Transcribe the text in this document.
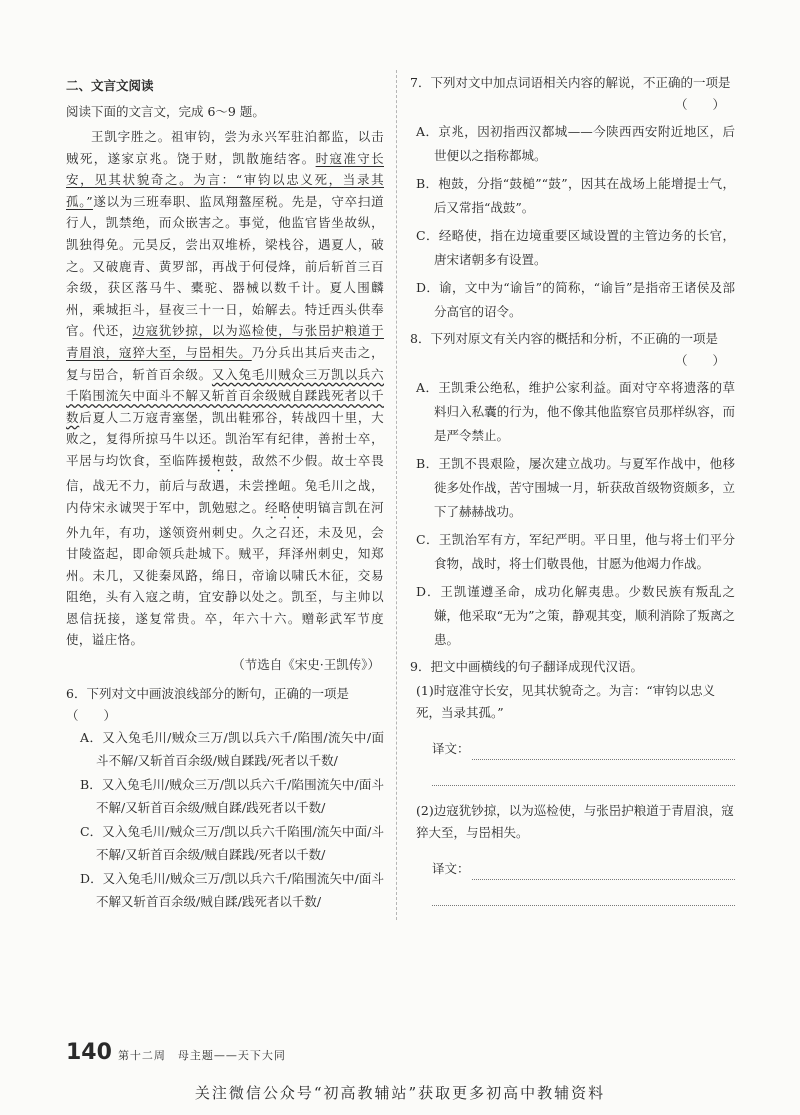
二、文言文阅读
阅读下面的文言文，完成 6～9 题。

王凯字胜之。祖审钧，尝为永兴军驻泊都监，以击贼死，遂家京兆。饶于财，凯散施结客。时寇准守长安，见其状貌奇之。为言：“审钧以忠义死，当录其孤。”遂以为三班奉职、监凤翔盩厔税。先是，守卒扫道行人，凯禁绝，而众嵌害之。事觉，他监官皆坐故纵，凯独得免。元昊反，尝出双堆桥，梁栈谷，遇夏人，破之。又破鹿青、黄罗部，再战于何侵烽，前后斩首三百余级，获区落马牛、橐驼、器械以数千计。夏人围麟州，乘城拒斗，昼夜三十一日，始解去。特迁西头供奉官。代还，边寇犹钞掠，以为巡检使，与张岊护粮道于青眉浪，寇猝大至，与岊相失。乃分兵出其后夹击之，复与岊合，斩首百余级。又入兔毛川贼众三万凯以兵六千陷围流矢中面斗不解又斩首百余级贼自蹂践死者以千数后夏人二万寇青塞堡，凯出鞋邪谷，转战四十里，大败之，复得所掠马牛以还。凯治军有纪律，善拊士卒，平居与均饮食，至临阵援枹鼓，敌然不少假。故士卒畏信，战无不力，前后与敌遇，未尝挫衄。兔毛川之战，内侍宋永诚哭于军中，凯勉慰之。经略使明镐言凯在河外九年，有功，遂领资州刺史。久之召还，未及见，会甘陵盗起，即命领兵赴城下。贼平，拜泽州刺史，知郑州。未几，又徙秦凤路，绵日，帝谕以啸氏木征，交易阻绝，头有入寇之萌，宜安静以处之。凯至，与主帅以恩信抚接，遂复常贵。卒，年六十六。赠彰武军节度使，谥庄恪。

（节选自《宋史·王凯传》）

6．下列对文中画波浪线部分的断句，正确的一项是（　　）

A．又入兔毛川/贼众三万/凯以兵六千/陷围/流矢中/面斗不解/又斩首百余级/贼自蹂践/死者以千数/

B．又入兔毛川/贼众三万/凯以兵六千/陷围流矢中/面斗不解/又斩首百余级/贼自蹂/践死者以千数/

C．又入兔毛川/贼众三万/凯以兵六千陷围/流矢中面/斗不解/又斩首百余级/贼自蹂践/死者以千数/

D．又入兔毛川/贼众三万/凯以兵六千/陷围流矢中/面斗不解又斩首百余级/贼自蹂/践死者以千数/

7．下列对文中加点词语相关内容的解说，不正确的一项是

（　　）

A．京兆，因初指西汉都城——今陕西西安附近地区，后世便以之指称都城。

B．枹鼓，分指“鼓槌”“鼓”，因其在战场上能增提士气，后又常指“战鼓”。

C．经略使，指在边境重要区域设置的主管边务的长官，唐宋诸朝多有设置。

D．谕，文中为“谕旨”的简称，“谕旨”是指帝王诸侯及部分高官的诏令。

8．下列对原文有关内容的概括和分析，不正确的一项是

（　　）

A．王凯秉公绝私，维护公家利益。面对守卒将遗落的草料归入私囊的行为，他不像其他监察官员那样纵容，而是严令禁止。

B．王凯不畏艰险，屡次建立战功。与夏军作战中，他移徙多处作战，苦守围城一月，斩获敌首级物资颇多，立下了赫赫战功。

C．王凯治军有方，军纪严明。平日里，他与将士们平分食物，战时，将士们敬畏他，甘愿为他竭力作战。

D．王凯谨遵圣命，成功化解夷患。少数民族有叛乱之嫌，他采取“无为”之策，静观其变，顺利消除了叛离之患。

9．把文中画横线的句子翻译成现代汉语。

(1)时寇准守长安，见其状貌奇之。为言：“审钧以忠义死，当录其孤。”

译文：

(2)边寇犹钞掠，以为巡检使，与张岊护粮道于青眉浪，寇猝大至，与岊相失。

译文：
140 第十二周　母主题——天下大同
关注微信公众号“初高教辅站”获取更多初高中教辅资料
